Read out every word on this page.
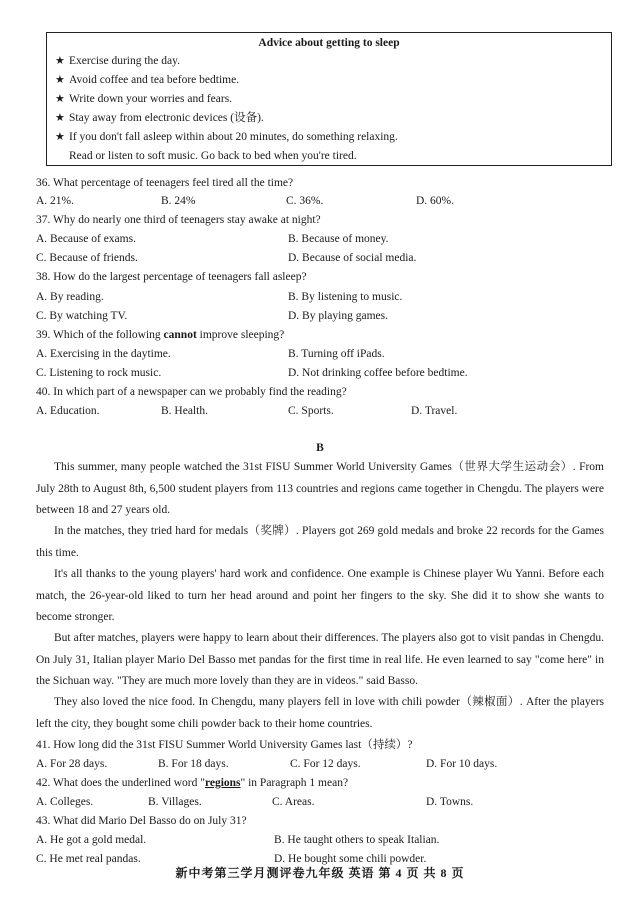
Advice about getting to sleep
★ Exercise during the day.
★ Avoid coffee and tea before bedtime.
★ Write down your worries and fears.
★ Stay away from electronic devices (设备).
★ If you don't fall asleep within about 20 minutes, do something relaxing.
Read or listen to soft music. Go back to bed when you're tired.
36. What percentage of teenagers feel tired all the time?
A. 21%.	B. 24%	C. 36%.	D. 60%.
37. Why do nearly one third of teenagers stay awake at night?
A. Because of exams.	B. Because of money.
C. Because of friends.	D. Because of social media.
38. How do the largest percentage of teenagers fall asleep?
A. By reading.	B. By listening to music.
C. By watching TV.	D. By playing games.
39. Which of the following cannot improve sleeping?
A. Exercising in the daytime.	B. Turning off iPads.
C. Listening to rock music.	D. Not drinking coffee before bedtime.
40. In which part of a newspaper can we probably find the reading?
A. Education.	B. Health.	C. Sports.	D. Travel.
B
This summer, many people watched the 31st FISU Summer World University Games（世界大学生运动会）. From July 28th to August 8th, 6,500 student players from 113 countries and regions came together in Chengdu. The players were between 18 and 27 years old.
In the matches, they tried hard for medals（奖牌）. Players got 269 gold medals and broke 22 records for the Games this time.
It's all thanks to the young players' hard work and confidence. One example is Chinese player Wu Yanni. Before each match, the 26-year-old liked to turn her head around and point her fingers to the sky. She did it to show she wants to become stronger.
But after matches, players were happy to learn about their differences. The players also got to visit pandas in Chengdu. On July 31, Italian player Mario Del Basso met pandas for the first time in real life. He even learned to say "come here" in the Sichuan way. "They are much more lovely than they are in videos." said Basso.
They also loved the nice food. In Chengdu, many players fell in love with chili powder（辣椒面）. After the players left the city, they bought some chili powder back to their home countries.
41. How long did the 31st FISU Summer World University Games last（持续）?
A. For 28 days.	B. For 18 days.	C. For 12 days.	D. For 10 days.
42. What does the underlined word "regions" in Paragraph 1 mean?
A. Colleges.	B. Villages.	C. Areas.	D. Towns.
43. What did Mario Del Basso do on July 31?
A. He got a gold medal.	B. He taught others to speak Italian.
C. He met real pandas.	D. He bought some chili powder.
新中考第三学月测评卷九年级 英语 第 4 页 共 8 页
